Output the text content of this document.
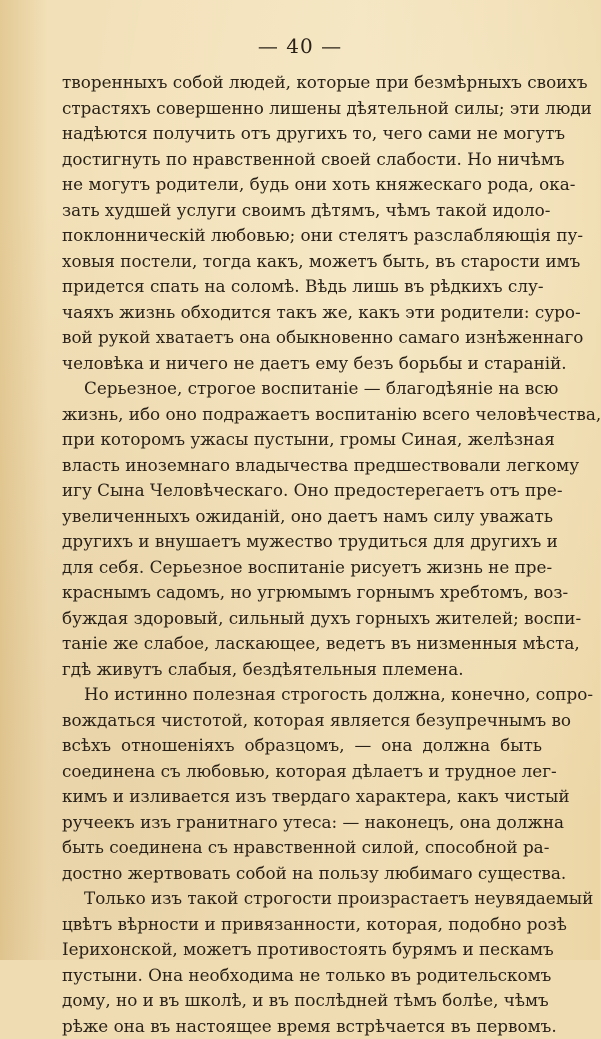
— 40 —
творенныхъ собой людей, которые при безмѣрныхъ своихъ
страстяхъ совершенно лишены дѣятельной силы; эти люди
надѣются получить отъ другихъ то, чего сами не могутъ
достигнуть по нравственной своей слабости. Но ничѣмъ
не могутъ родители, будь они хоть княжескаго рода, ока-
зать худшей услуги своимъ дѣтямъ, чѣмъ такой идоло-
поклонническій любовью; они стелятъ разслабляющія пу-
ховыя постели, тогда какъ, можетъ быть, въ старости имъ
придется спать на соломѣ. Вѣдь лишь въ рѣдкихъ слу-
чаяхъ жизнь обходится такъ же, какъ эти родители: суро-
вой рукой хватаетъ она обыкновенно самаго изнѣженнаго
человѣка и ничего не даетъ ему безъ борьбы и стараній.
Серьезное, строгое воспитаніе — благодѣяніе на всю
жизнь, ибо оно подражаетъ воспитанію всего человѣчества,
при которомъ ужасы пустыни, громы Синая, желѣзная
власть иноземнаго владычества предшествовали легкому
игу Сына Человѣческаго. Оно предостерегаетъ отъ пре-
увеличенныхъ ожиданій, оно даетъ намъ силу уважать
другихъ и внушаетъ мужество трудиться для другихъ и
для себя. Серьезное воспитаніе рисуетъ жизнь не пре-
краснымъ садомъ, но угрюмымъ горнымъ хребтомъ, воз-
буждая здоровый, сильный духъ горныхъ жителей; воспи-
таніе же слабое, ласкающее, ведетъ въ низменныя мѣста,
гдѣ живутъ слабыя, бездѣятельныя племена.
Но истинно полезная строгость должна, конечно, сопро-
вождаться чистотой, которая является безупречнымъ во
всѣхъ отношеніяхъ образцомъ, — она должна быть
соединена съ любовью, которая дѣлаетъ и трудное лег-
кимъ и изливается изъ твердаго характера, какъ чистый
ручеекъ изъ гранитнаго утеса: — наконецъ, она должна
быть соединена съ нравственной силой, способной ра-
достно жертвовать собой на пользу любимаго существа.
Только изъ такой строгости произрастаетъ неувядаемый
цвѣтъ вѣрности и привязанности, которая, подобно розѣ
Іерихонской, можетъ противостоять бурямъ и пескамъ
пустыни. Она необходима не только въ родительскомъ
дому, но и въ школѣ, и въ послѣдней тѣмъ болѣе, чѣмъ
рѣже она въ настоящее время встрѣчается въ первомъ.
